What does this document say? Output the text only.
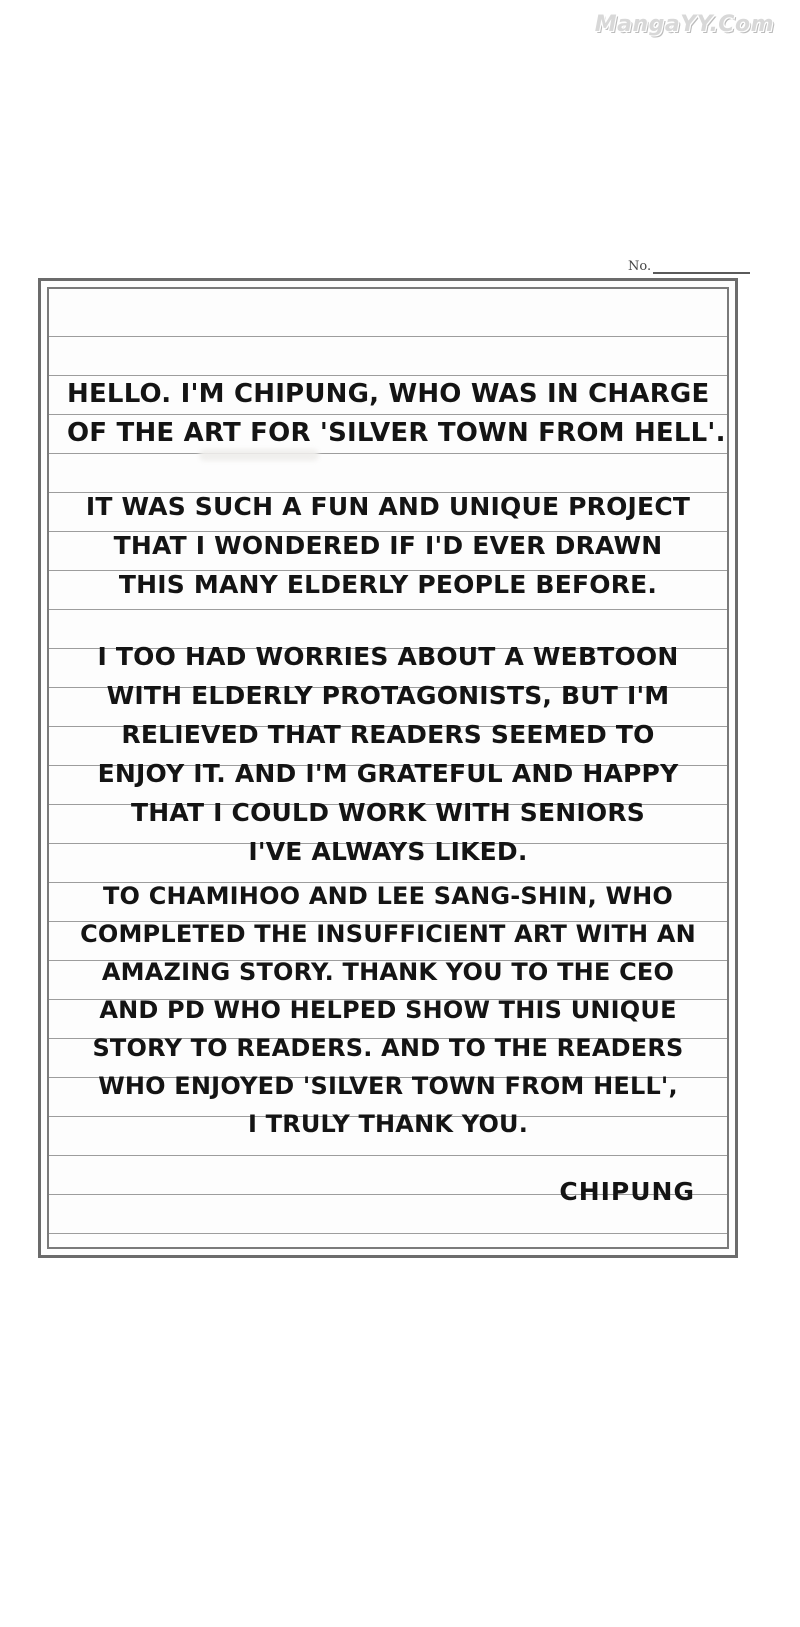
MangaYY.Com
No.
HELLO. I'M CHIPUNG, WHO WAS IN CHARGE
OF THE ART FOR 'SILVER TOWN FROM HELL'.
IT WAS SUCH A FUN AND UNIQUE PROJECT
THAT I WONDERED IF I'D EVER DRAWN
THIS MANY ELDERLY PEOPLE BEFORE.
I TOO HAD WORRIES ABOUT A WEBTOON
WITH ELDERLY PROTAGONISTS, BUT I'M
RELIEVED THAT READERS SEEMED TO
ENJOY IT. AND I'M GRATEFUL AND HAPPY
THAT I COULD WORK WITH SENIORS
I'VE ALWAYS LIKED.
TO CHAMIHOO AND LEE SANG-SHIN, WHO
COMPLETED THE INSUFFICIENT ART WITH AN
AMAZING STORY. THANK YOU TO THE CEO
AND PD WHO HELPED SHOW THIS UNIQUE
STORY TO READERS. AND TO THE READERS
WHO ENJOYED 'SILVER TOWN FROM HELL',
I TRULY THANK YOU.
CHIPUNG
